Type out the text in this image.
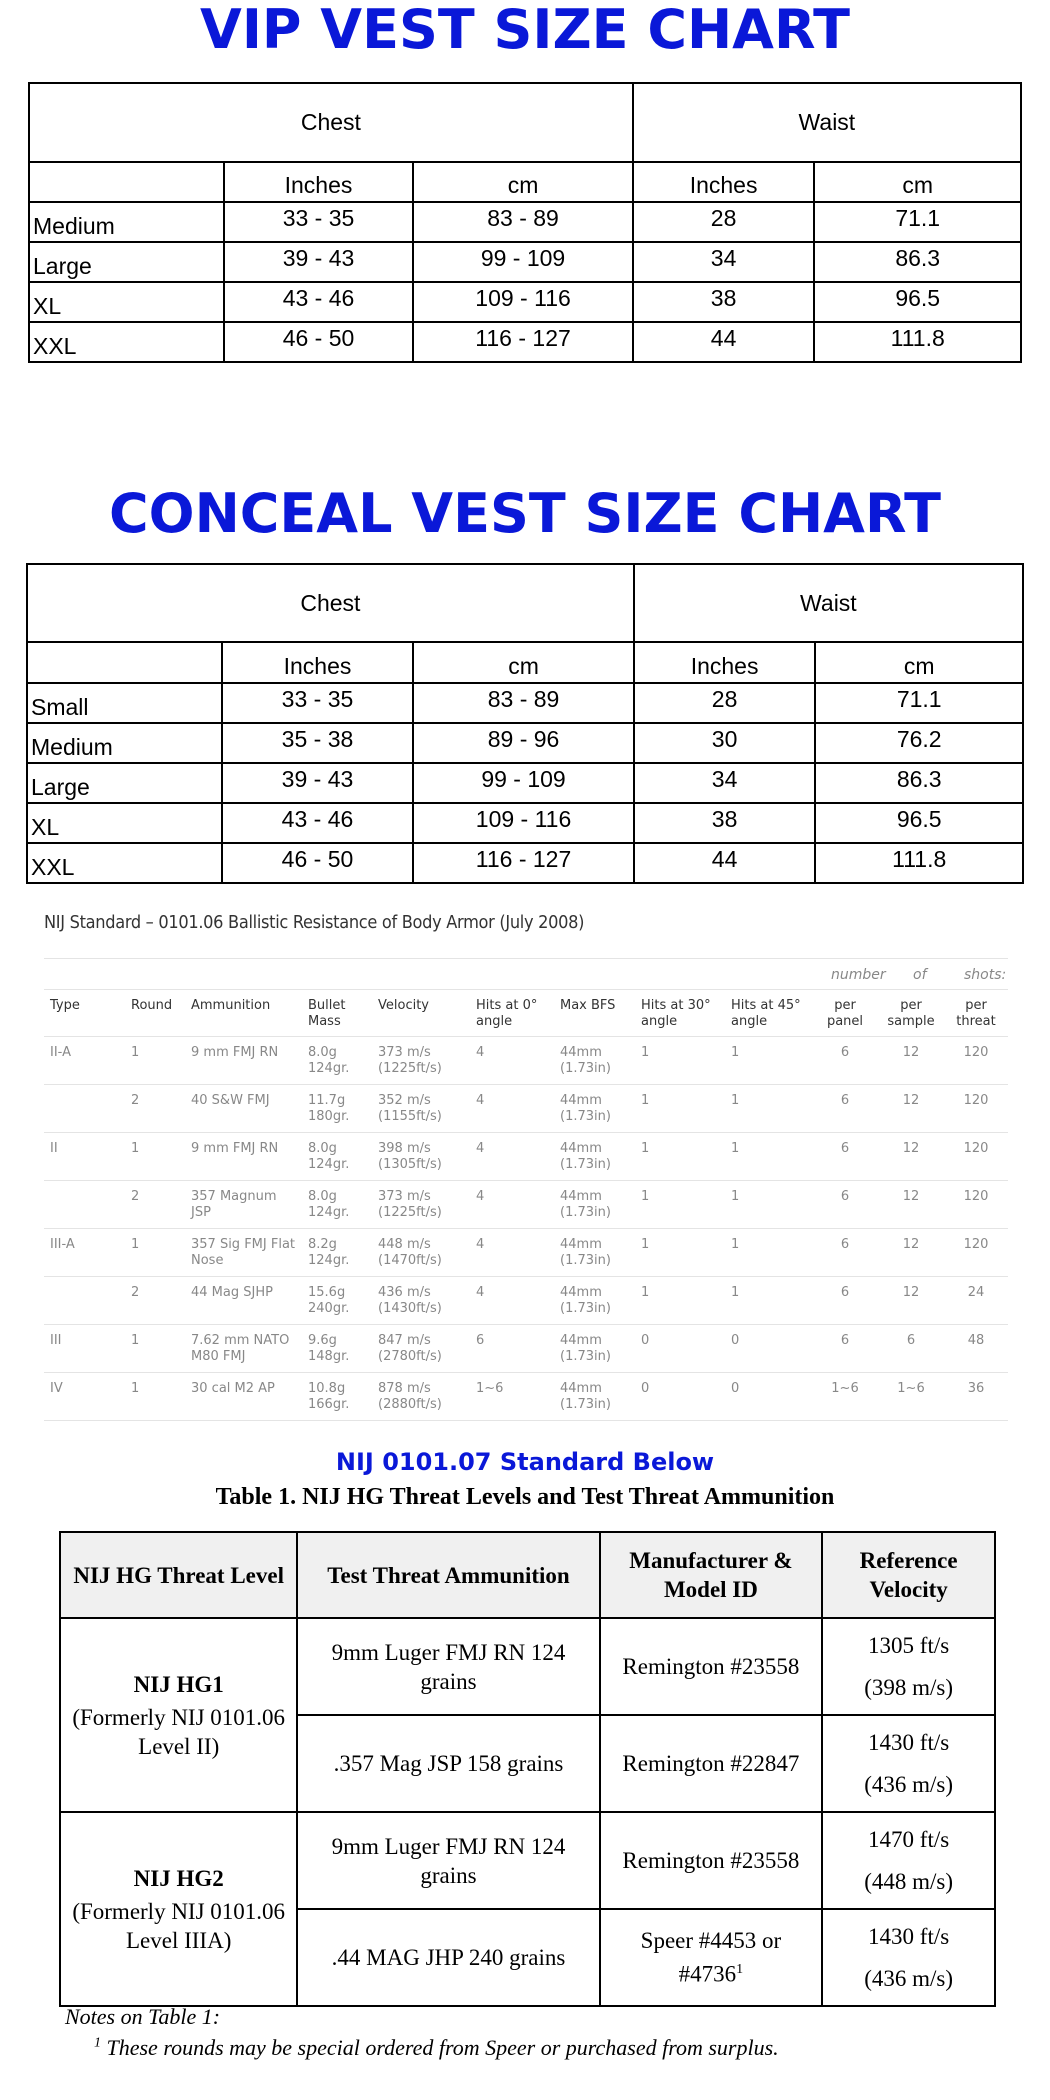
VIP VEST SIZE CHART
Chest			Waist	
	Inches	cm	Inches	cm
Medium	33 - 35	83 - 89	28	71.1
Large	39 - 43	99 - 109	34	86.3
XL	43 - 46	109 - 116	38	96.5
XXL	46 - 50	116 - 127	44	111.8
CONCEAL VEST SIZE CHART
Chest			Waist	
	Inches	cm	Inches	cm
Small	33 - 35	83 - 89	28	71.1
Medium	35 - 38	89 - 96	30	76.2
Large	39 - 43	99 - 109	34	86.3
XL	43 - 46	109 - 116	38	96.5
XXL	46 - 50	116 - 127	44	111.8
NIJ Standard – 0101.06 Ballistic Resistance of Body Armor (July 2008)
number of	shots:
Type	Round	Ammunition	Bullet Mass	Velocity	Hits at 0° angle	Max BFS	Hits at 30° angle	Hits at 45° angle	per panel	per sample	per threat
II-A	1	9 mm FMJ RN	8.0g 124gr.	373 m/s (1225ft/s)	4	44mm (1.73in)	1	1	6	12	120
	2	40 S&W FMJ	11.7g 180gr.	352 m/s (1155ft/s)	4	44mm (1.73in)	1	1	6	12	120
II	1	9 mm FMJ RN	8.0g 124gr.	398 m/s (1305ft/s)	4	44mm (1.73in)	1	1	6	12	120
	2	357 Magnum JSP	8.0g 124gr.	373 m/s (1225ft/s)	4	44mm (1.73in)	1	1	6	12	120
III-A	1	357 Sig FMJ Flat Nose	8.2g 124gr.	448 m/s (1470ft/s)	4	44mm (1.73in)	1	1	6	12	120
	2	44 Mag SJHP	15.6g 240gr.	436 m/s (1430ft/s)	4	44mm (1.73in)	1	1	6	12	24
III	1	7.62 mm NATO M80 FMJ	9.6g 148gr.	847 m/s (2780ft/s)	6	44mm (1.73in)	0	0	6	6	48
IV	1	30 cal M2 AP	10.8g 166gr.	878 m/s (2880ft/s)	1~6	44mm (1.73in)	0	0	1~6	1~6	36
NIJ 0101.07 Standard Below
Table 1. NIJ HG Threat Levels and Test Threat Ammunition
NIJ HG Threat Level	Test Threat Ammunition	Manufacturer & Model ID	Reference Velocity

NIJ HG1
(Formerly NIJ 0101.06 Level II)	9mm Luger FMJ RN 124 grains	Remington #23558	1305 ft/s
(398 m/s)

	.357 Mag JSP 158 grains	Remington #22847	1430 ft/s
(436 m/s)

NIJ HG2
(Formerly NIJ 0101.06 Level IIIA)	9mm Luger FMJ RN 124 grains	Remington #23558	1470 ft/s
(448 m/s)

	.44 MAG JHP 240 grains	Speer #4453 or #4736$^1$	1430 ft/s
(436 m/s)
Notes on Table 1:
$^1$ These rounds may be special ordered from Speer or purchased from surplus.
